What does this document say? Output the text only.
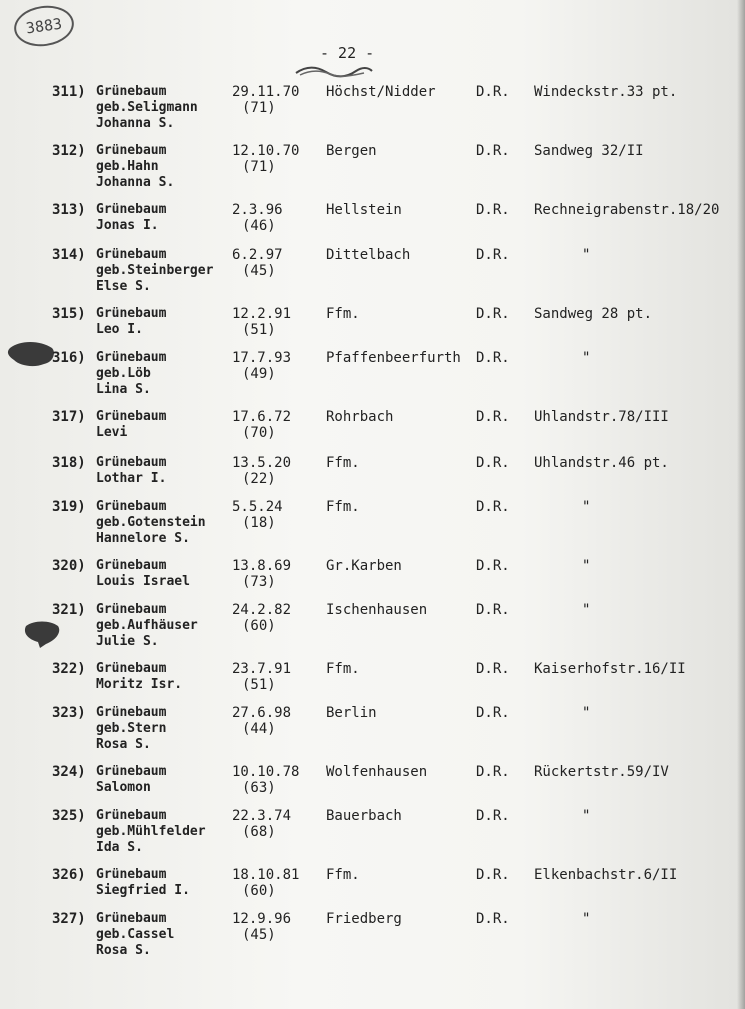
3883
- 22 -
311) Grünebaum
geb.Seligmann
Johanna S.
29.11.70
(71)
Höchst/Nidder	D.R. Windeckstr.33 pt.
312) Grünebaum
geb.Hahn
Johanna S.
12.10.70
(71)
Bergen	D.R. Sandweg 32/II
313) Grünebaum
Jonas I.
2.3.96
(46)
Hellstein	D.R. Rechneigrabenstr.18/20
314) Grünebaum
geb.Steinberger
Else S.
6.2.97
(45)
Dittelbach	D.R.	"
315) Grünebaum
Leo I.
12.2.91
(51)
Ffm.	D.R. Sandweg 28 pt.
316) Grünebaum
geb.Löb
Lina S.
17.7.93
(49)
Pfaffenbeerfurth D.R.	"
317) Grünebaum
Levi
17.6.72
(70)
Rohrbach	D.R. Uhlandstr.78/III
318) Grünebaum
Lothar I.
13.5.20
(22)
Ffm.	D.R. Uhlandstr.46 pt.
319) Grünebaum
geb.Gotenstein
Hannelore S.
5.5.24
(18)
Ffm.	D.R.	"
320) Grünebaum
Louis Israel
13.8.69
(73)
Gr.Karben	D.R.	"
321) Grünebaum
geb.Aufhäuser
Julie S.
24.2.82
(60)
Ischenhausen	D.R.	"
322) Grünebaum
Moritz Isr.
23.7.91
(51)
Ffm.	D.R. Kaiserhofstr.16/II
323) Grünebaum
geb.Stern
Rosa S.
27.6.98
(44)
Berlin	D.R.	"
324) Grünebaum
Salomon
10.10.78
(63)
Wolfenhausen	D.R. Rückertstr.59/IV
325) Grünebaum
geb.Mühlfelder
Ida S.
22.3.74
(68)
Bauerbach	D.R.	"
326) Grünebaum
Siegfried I.
18.10.81
(60)
Ffm.	D.R. Elkenbachstr.6/II
327) Grünebaum
geb.Cassel
Rosa S.
12.9.96
(45)
Friedberg	D.R.	"
